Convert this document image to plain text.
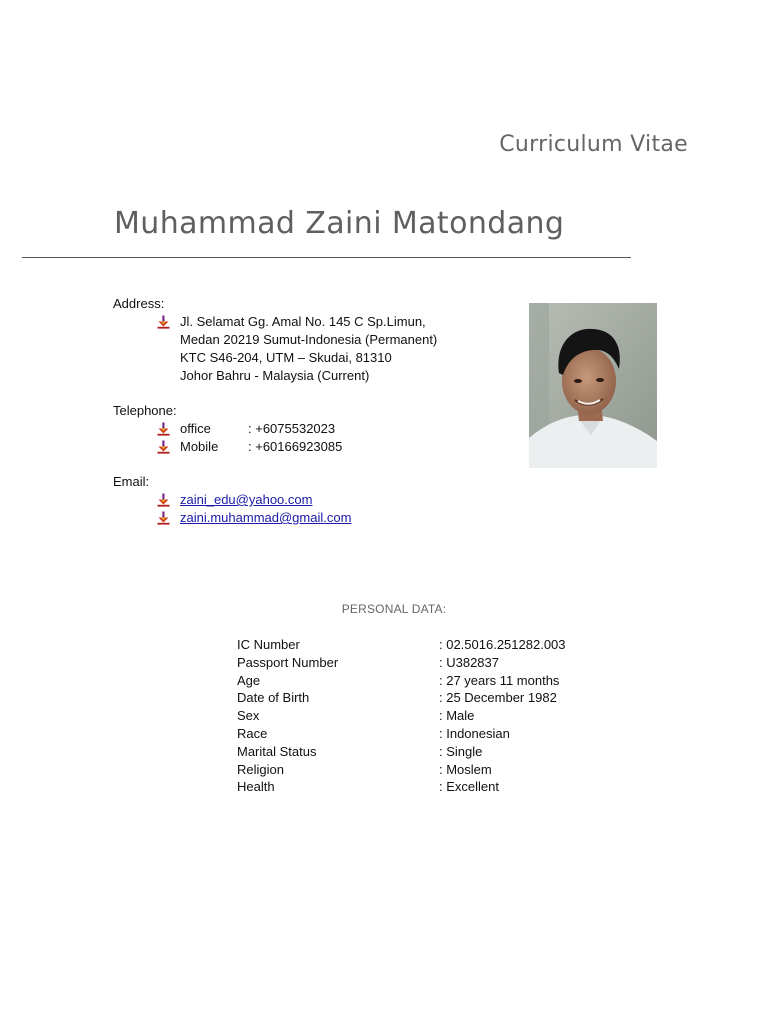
Curriculum Vitae
Muhammad Zaini Matondang
Address:
Jl. Selamat Gg. Amal No. 145 C Sp.Limun,
Medan 20219 Sumut-Indonesia (Permanent)
KTC S46-204, UTM – Skudai, 81310
Johor Bahru - Malaysia (Current)
Telephone:
office	: +6075532023
Mobile : +60166923085
Email:
zaini_edu@yahoo.com
zaini.muhammad@gmail.com
PERSONAL DATA:
IC Number	: 02.5016.251282.003
Passport Number	: U382837
Age	: 27 years 11 months
Date of Birth	: 25 December 1982
Sex	: Male
Race	: Indonesian
Marital Status	: Single
Religion	: Moslem
Health	: Excellent
